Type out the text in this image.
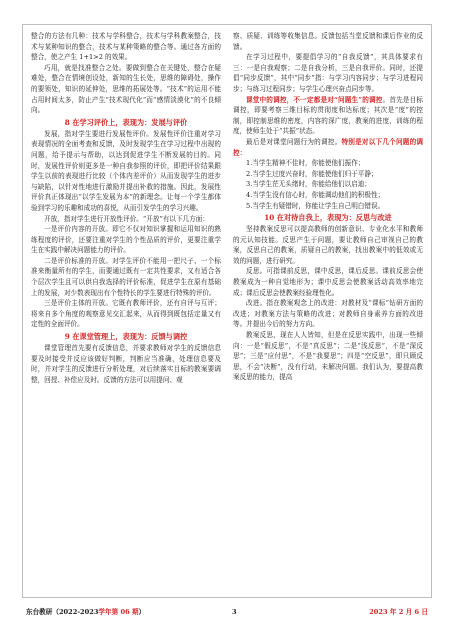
整合的方法有几种：技术与学科整合，技术与学科教案整合，技术与某种知识的整合，技术与某种策略的整合等。通过各方面的整合，使之产生 1+1>2 的效果。

巧用，就是找准整合之处。要做到整合在关键处，整合在疑难处，整合在情境创设处，新知的生长处，思维的障碍处，操作的要领处，知识的延伸处，思维的拓展处等。“技术”的运用不能占用时间太多，防止产生“技术现代化”而“感情淡漠化”的不良倾向。

8 在学习评价上，表现为：发展与评价

发展，指对学生要进行发展性评价。发展性评价注重对学习表现情况的全面考查和反馈，及时发现学生在学习过程中出现的问题，给予提示与帮助，以达到促进学生不断发展的目的。同时，发展性评价则更多是一种自我参照的评价，即把评价结果跟学生以前的表现进行比较（个体内差评价）从而发现学生的进步与缺陷，以针对性地进行激励并提出补救的措施。因此，发展性评价真正体现出“以学生发展为本”的新理念。让每一个学生都体验到学习的乐趣和成功的喜悦，从而引发学生的学习兴趣。

开放，指对学生进行开放性评价。“开放”有以下几方面：

一是评价内容的开放。即它不仅对知识掌握和运用知识的熟练程度的评价，还要注重对学生的个性品质的评价，更要注重学生在实践中解决问题能力的评价。

二是评价标准的开放。对学生评价不能用一把尺子、一个标准来衡量所有的学生，而要通过既有一定共性要求，又有适合各个层次学生且可以供自我选择的评价标准，促进学生在原有基础上的发展，对少数表现出有个性特长的学生要进行特殊的评价。

三是评价主体的开放。它既有教师评价，还有自评与互评；将来自多个角度的观察意见交汇起来，从而得到既包括定量又有定性的全面评价。

9 在课堂管理上，表现为：反馈与调控

课堂管理首先要有反馈信息，并要求教师对学生的反馈信息要及时接受并反应该做好判断，判断应当准确，处理信息要及时，并对学生的反馈进行分析处理，对后续落实目标的教案要调整，回授、补偿应及时。反馈的方法可以用提问、观

察、质疑、训练等收集信息。反馈包括当堂反馈和课后作业的反馈。

在学习过程中，要提倡学习的“自我反馈”，其具体要求有三：一是自我观察；二是自我分析，三是自我评价。同时，还提倡“同步反馈”，其中“同步”指：与学习内容同步；与学习进程同步；与练习过程同步；与学生心理兴奋点同步等。

课堂中的调控，不一定都是对“问题生”的调控。首先是目标调控，即要考察三维目标的贯彻度和达标度；其次是“度”的控制，即控制思维的密度，内容的深广度，教案的进度，训练的程度，使师生处于“共振”状态。

最后是对课堂问题行为的调控。特别是对以下几个问题的调控：

1.当学生精神不佳时，你能使他们振作；

2.当学生过度兴奋时，你能使他们归于平静；

3.当学生茫无头绪时，你能给他们以启迪；

4.当学生没有信心时，你能调动他们的积极性；

5.当学生有疑错时，你能让学生自己明白错误。

10 在对待自我上，表现为：反思与改进

坚持教案反思可以提高教师的创新意识、专业化水平和教师的元认知技能。反思产生于问题，要让教师自己审视自己的教案，反思自己的教案，质疑自己的教案，找出教案中的低效或无效的问题，进行研究。

反思。可指课前反思，课中反思，课后反思。课前反思会使教案成为一种自觉地形为；课中反思会使教案活动高效率地完成；课后反思会使教案经验理性化。

改进。指在教案观念上的改进：对教材及“课标”钻研方面的改进；对教案方法与策略的改进；对教师自身素养方面的改进等。并提出今后的努力方向。

教案反思，现在人人皆知，但是在反思实践中，出现一些倾向：一是“假反思”，不是“真反思”；二是“浅反思”，不是“深反思”；三是“应付思”，不是“我要思”；四是“空反思”，即只顾反思，不会“决断”，没有行动，未解决问题。我们认为，要提高教案反思的能力，提高

东台教研（2022-2023学年第 06 期）	3	2023 年 2 月 6 日
